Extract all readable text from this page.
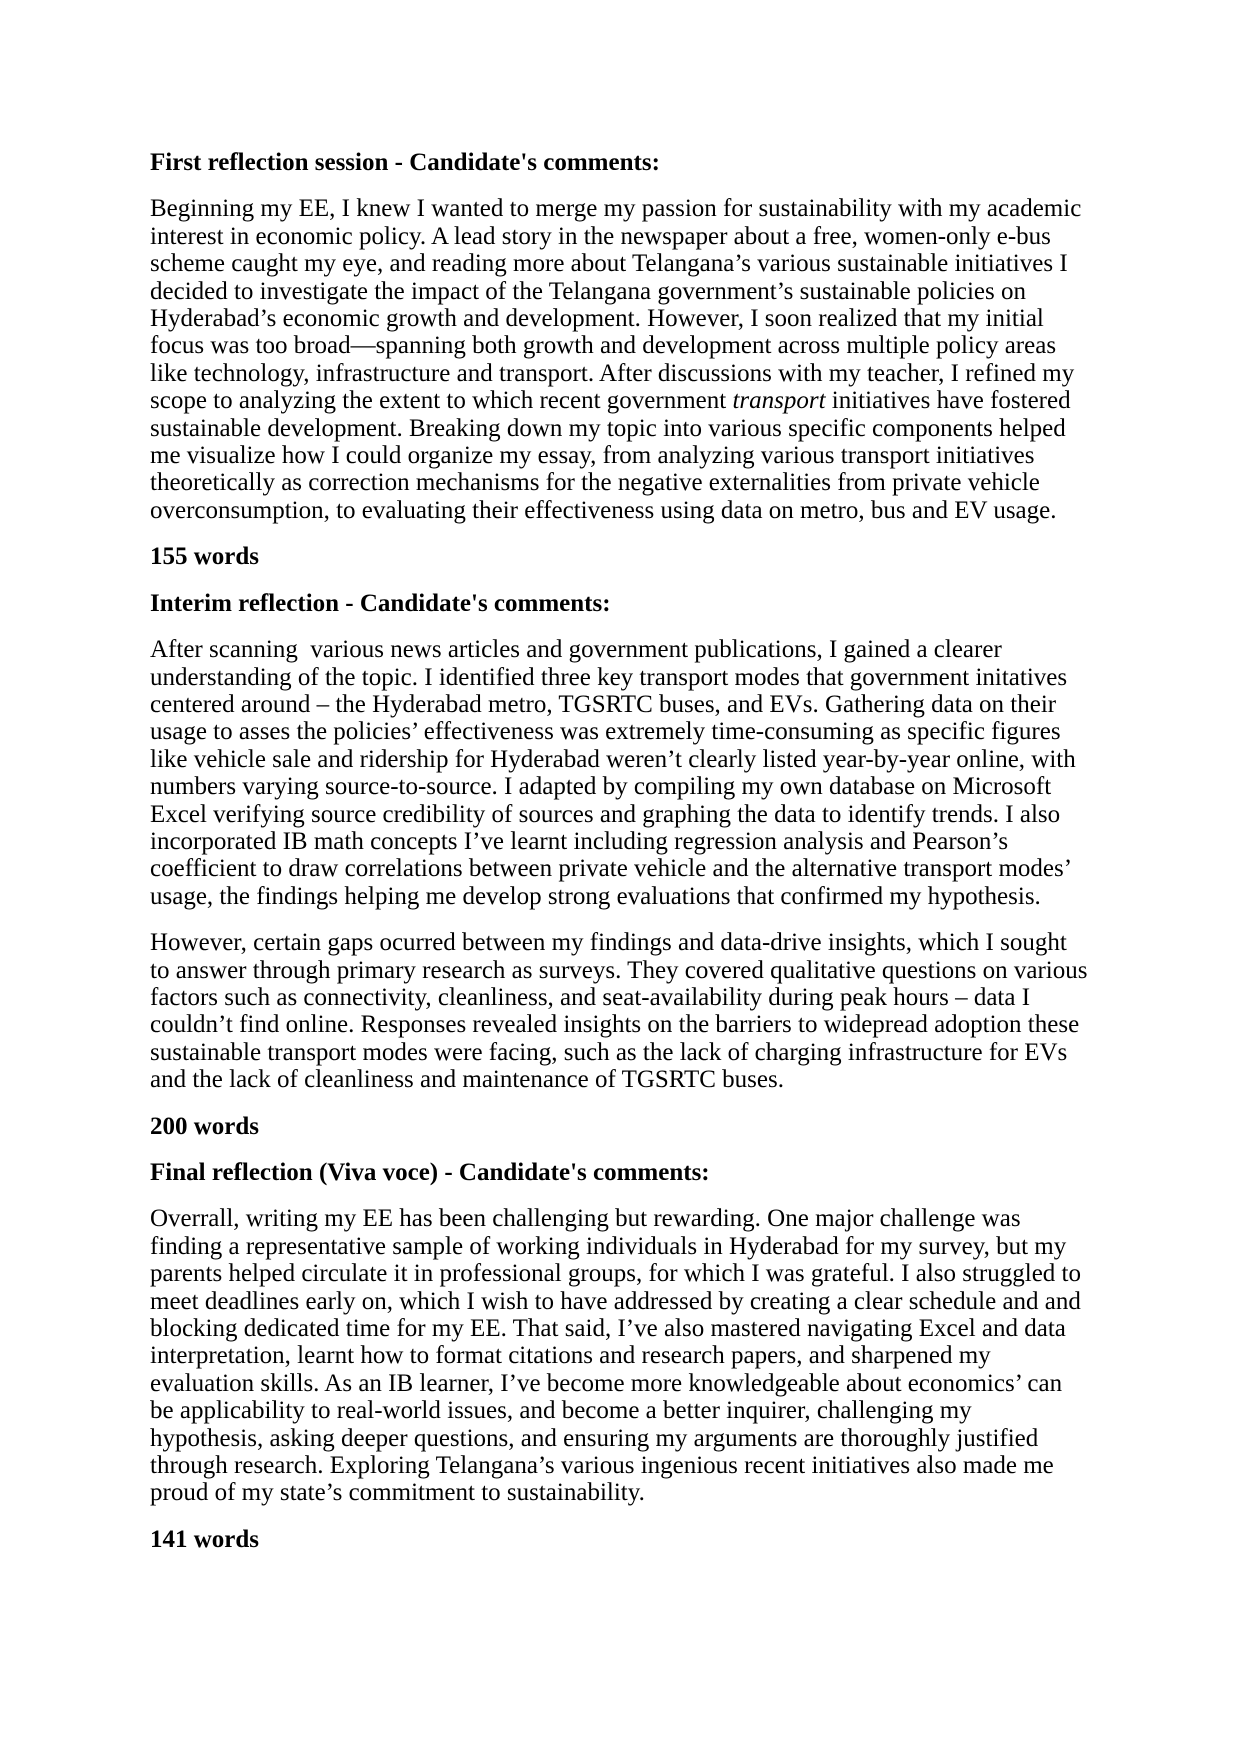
First reflection session - Candidate's comments:

Beginning my EE, I knew I wanted to merge my passion for sustainability with my academic interest in economic policy. A lead story in the newspaper about a free, women-only e-bus scheme caught my eye, and reading more about Telangana’s various sustainable initiatives I decided to investigate the impact of the Telangana government’s sustainable policies on Hyderabad’s economic growth and development. However, I soon realized that my initial focus was too broad—spanning both growth and development across multiple policy areas like technology, infrastructure and transport. After discussions with my teacher, I refined my scope to analyzing the extent to which recent government transport initiatives have fostered sustainable development. Breaking down my topic into various specific components helped me visualize how I could organize my essay, from analyzing various transport initiatives theoretically as correction mechanisms for the negative externalities from private vehicle overconsumption, to evaluating their effectiveness using data on metro, bus and EV usage.

155 words

Interim reflection - Candidate's comments:

After scanning  various news articles and government publications, I gained a clearer understanding of the topic. I identified three key transport modes that government initatives centered around – the Hyderabad metro, TGSRTC buses, and EVs. Gathering data on their usage to asses the policies’ effectiveness was extremely time-consuming as specific figures like vehicle sale and ridership for Hyderabad weren’t clearly listed year-by-year online, with numbers varying source-to-source. I adapted by compiling my own database on Microsoft Excel verifying source credibility of sources and graphing the data to identify trends. I also incorporated IB math concepts I’ve learnt including regression analysis and Pearson’s coefficient to draw correlations between private vehicle and the alternative transport modes’ usage, the findings helping me develop strong evaluations that confirmed my hypothesis.

However, certain gaps ocurred between my findings and data-drive insights, which I sought to answer through primary research as surveys. They covered qualitative questions on various factors such as connectivity, cleanliness, and seat-availability during peak hours – data I couldn’t find online. Responses revealed insights on the barriers to widepread adoption these sustainable transport modes were facing, such as the lack of charging infrastructure for EVs and the lack of cleanliness and maintenance of TGSRTC buses.

200 words

Final reflection (Viva voce) - Candidate's comments:

Overrall, writing my EE has been challenging but rewarding. One major challenge was finding a representative sample of working individuals in Hyderabad for my survey, but my parents helped circulate it in professional groups, for which I was grateful. I also struggled to meet deadlines early on, which I wish to have addressed by creating a clear schedule and and blocking dedicated time for my EE. That said, I’ve also mastered navigating Excel and data interpretation, learnt how to format citations and research papers, and sharpened my evaluation skills. As an IB learner, I’ve become more knowledgeable about economics’ can be applicability to real-world issues, and become a better inquirer, challenging my hypothesis, asking deeper questions, and ensuring my arguments are thoroughly justified through research. Exploring Telangana’s various ingenious recent initiatives also made me proud of my state’s commitment to sustainability.

141 words
